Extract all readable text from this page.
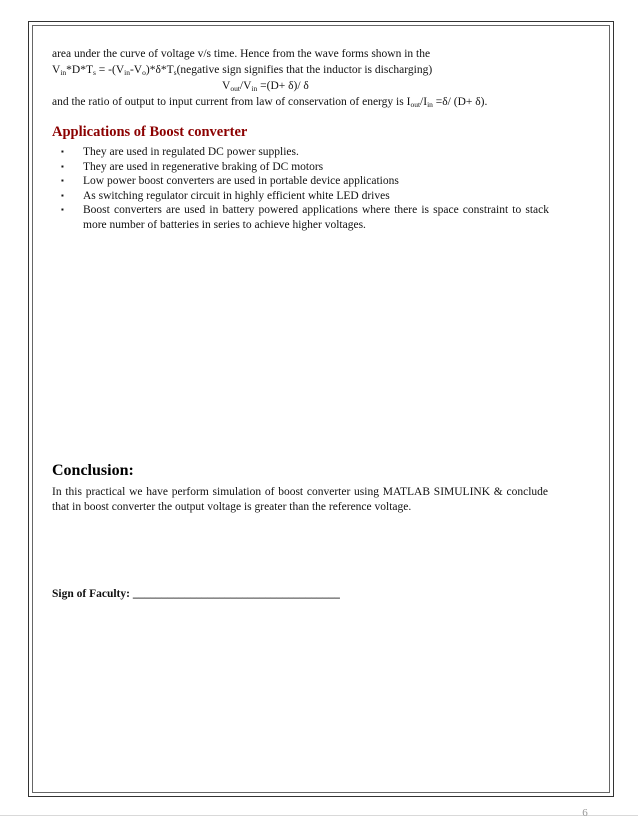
area under the curve of voltage v/s time. Hence from the wave forms shown in the
$V_{in}*D*T_s$ = $-(V_{in}-V_o)*\delta*T_s(negative$ sign signifies that the inductor is discharging)
$V_{out}/V_{in} =(D+ \delta)/$ δ
and the ratio of output to input current from law of conservation of energy is $I_{out}/I_{in} =\delta/$ (D+ δ).
Applications of Boost converter
▪ They are used in regulated DC power supplies.
▪ They are used in regenerative braking of DC motors
▪ Low power boost converters are used in portable device applications
▪ As switching regulator circuit in highly efficient white LED drives
▪ Boost converters are used in battery powered applications where there is space constraint to stack more number of batteries in series to achieve higher voltages.
Conclusion:

In this practical we have perform simulation of boost converter using MATLAB SIMULINK & conclude that in boost converter the output voltage is greater than the reference voltage.

Sign of Faculty: ____________________________________

6
